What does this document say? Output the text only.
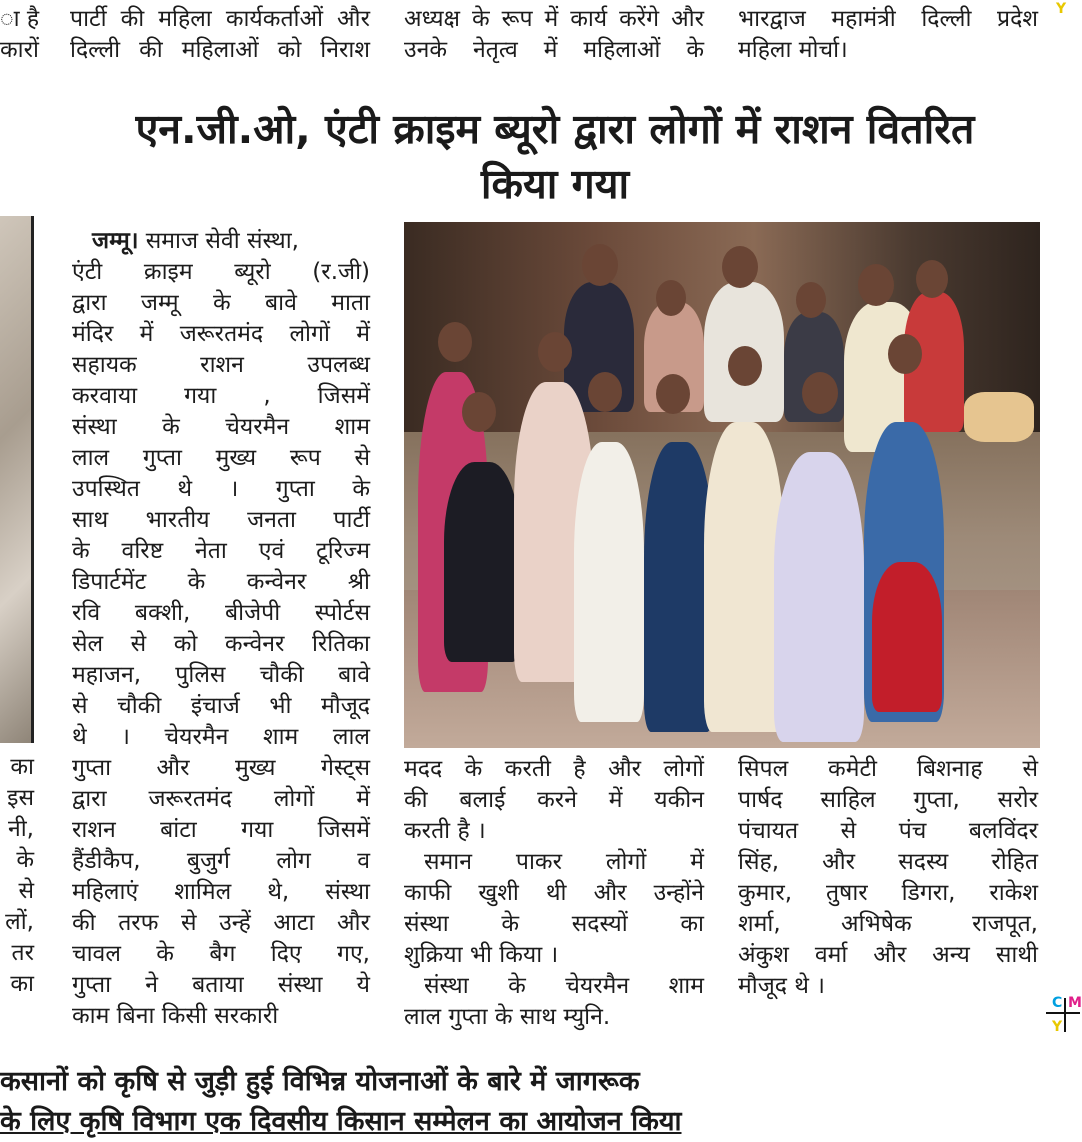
ा है
कारों
पार्टी की महिला कार्यकर्ताओं और
दिल्ली की महिलाओं को निराश
अध्यक्ष के रूप में कार्य करेंगे और
उनके नेतृत्व में महिलाओं के
भारद्वाज महामंत्री दिल्ली प्रदेश
महिला मोर्चा।
Y
एन.जी.ओ, एंटी क्राइम ब्यूरो द्वारा लोगों में राशन वितरित
किया गया
का
इस
नी,
के
से
लों,
तर
का
जम्मू। समाज सेवी संस्था,
एंटी क्राइम ब्यूरो (र.जी)
द्वारा जम्मू के बावे माता
मंदिर में जरूरतमंद लोगों में
सहायक राशन उपलब्ध
करवाया गया , जिसमें
संस्था के चेयरमैन शाम
लाल गुप्ता मुख्य रूप से
उपस्थित थे । गुप्ता के
साथ भारतीय जनता पार्टी
के वरिष्ट नेता एवं टूरिज्म
डिपार्टमेंट के कन्वेनर श्री
रवि बक्शी, बीजेपी स्पोर्टस
सेल से को कन्वेनर रितिका
महाजन, पुलिस चौकी बावे
से चौकी इंचार्ज भी मौजूद
थे । चेयरमैन शाम लाल
गुप्ता और मुख्य गेस्ट्स
द्वारा जरूरतमंद लोगों में
राशन बांटा गया जिसमें
हैंडीकैप, बुजुर्ग लोग व
महिलाएं शामिल थे, संस्था
की तरफ से उन्हें आटा और
चावल के बैग दिए गए,
गुप्ता ने बताया संस्था ये
काम बिना किसी सरकारी
मदद के करती है और लोगों
की बलाई करने में यकीन
करती है ।
समान पाकर लोगों में
काफी खुशी थी और उन्होंने
संस्था के सदस्यों का
शुक्रिया भी किया ।
संस्था के चेयरमैन शाम
लाल गुप्ता के साथ म्युनि.
सिपल कमेटी बिशनाह से
पार्षद साहिल गुप्ता, सरोर
पंचायत से पंच बलविंदर
सिंह, और सदस्य रोहित
कुमार, तुषार डिगरा, राकेश
शर्मा, अभिषेक राजपूत,
अंकुश वर्मा और अन्य साथी
मौजूद थे ।
C M
Y
कसानों को कृषि से जुड़ी हुई विभिन्न योजनाओं के बारे में जागरूक
के लिए कृषि विभाग एक दिवसीय किसान सम्मेलन का आयोजन किया
